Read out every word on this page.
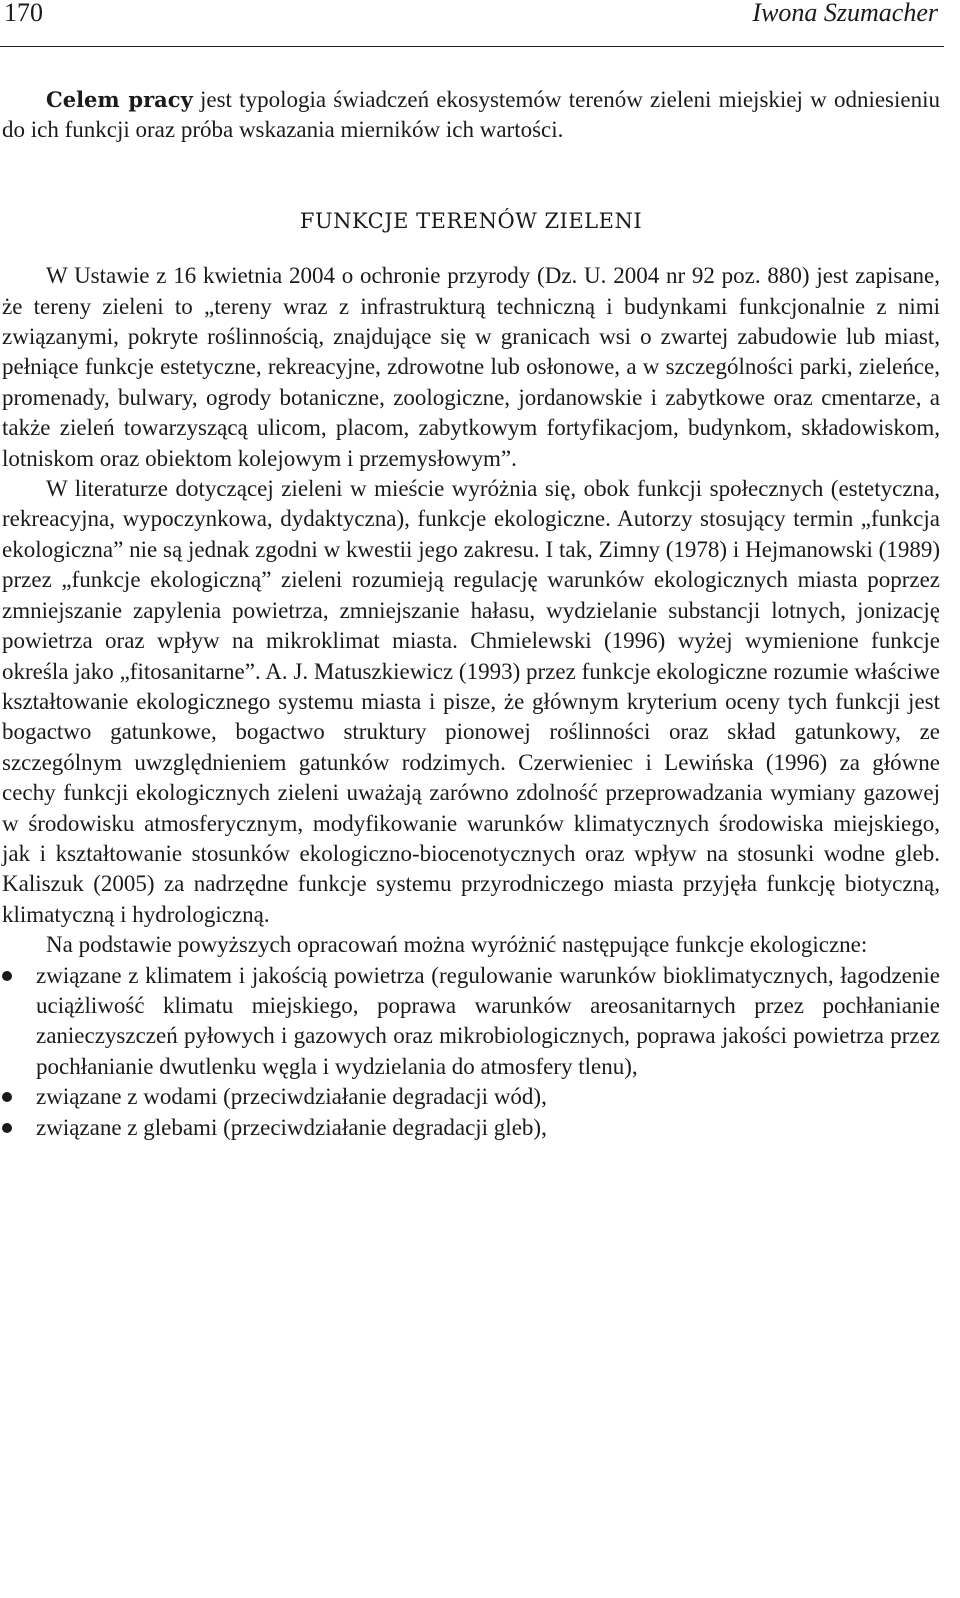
170	Iwona Szumacher

Celem pracy jest typologia świadczeń ekosystemów terenów zieleni miejskiej w odniesieniu do ich funkcji oraz próba wskazania mierników ich wartości.

FUNKCJE TERENÓW ZIELENI

W Ustawie z 16 kwietnia 2004 o ochronie przyrody (Dz. U. 2004 nr 92 poz. 880) jest zapisane, że tereny zieleni to „tereny wraz z infrastrukturą techniczną i budynkami funkcjonalnie z nimi związanymi, pokryte roślinnością, znajdujące się w granicach wsi o zwartej zabudowie lub miast, pełniące funkcje estetyczne, rekreacyjne, zdrowotne lub osłonowe, a w szczególności parki, zieleńce, promenady, bulwary, ogrody botaniczne, zoologiczne, jordanowskie i zabytkowe oraz cmentarze, a także zieleń towarzyszącą ulicom, placom, zabytkowym fortyfikacjom, budynkom, składowiskom, lotniskom oraz obiektom kolejowym i przemysłowym”.

W literaturze dotyczącej zieleni w mieście wyróżnia się, obok funkcji społecznych (estetyczna, rekreacyjna, wypoczynkowa, dydaktyczna), funkcje ekologiczne. Autorzy stosujący termin „funkcja ekologiczna” nie są jednak zgodni w kwestii jego zakresu. I tak, Zimny (1978) i Hejmanowski (1989) przez „funkcje ekologiczną” zieleni rozumieją regulację warunków ekologicznych miasta poprzez zmniejszanie zapylenia powietrza, zmniejszanie hałasu, wydzielanie substancji lotnych, jonizację powietrza oraz wpływ na mikroklimat miasta. Chmielewski (1996) wyżej wymienione funkcje określa jako „fitosanitarne”. A. J. Matuszkiewicz (1993) przez funkcje ekologiczne rozumie właściwe kształtowanie ekologicznego systemu miasta i pisze, że głównym kryterium oceny tych funkcji jest bogactwo gatunkowe, bogactwo struktury pionowej roślinności oraz skład gatunkowy, ze szczególnym uwzględnieniem gatunków rodzimych. Czerwieniec i Lewińska (1996) za główne cechy funkcji ekologicznych zieleni uważają zarówno zdolność przeprowadzania wymiany gazowej w środowisku atmosferycznym, modyfikowanie warunków klimatycznych środowiska miejskiego, jak i kształtowanie stosunków ekologiczno-biocenotycznych oraz wpływ na stosunki wodne gleb. Kaliszuk (2005) za nadrzędne funkcje systemu przyrodniczego miasta przyjęła funkcję biotyczną, klimatyczną i hydrologiczną.

Na podstawie powyższych opracowań można wyróżnić następujące funkcje ekologiczne:

związane z klimatem i jakością powietrza (regulowanie warunków bioklimatycznych, łagodzenie uciążliwość klimatu miejskiego, poprawa warunków areosanitarnych przez pochłanianie zanieczyszczeń pyłowych i gazowych oraz mikrobiologicznych, poprawa jakości powietrza przez pochłanianie dwutlenku węgla i wydzielania do atmosfery tlenu),
związane z wodami (przeciwdziałanie degradacji wód),
związane z glebami (przeciwdziałanie degradacji gleb),
